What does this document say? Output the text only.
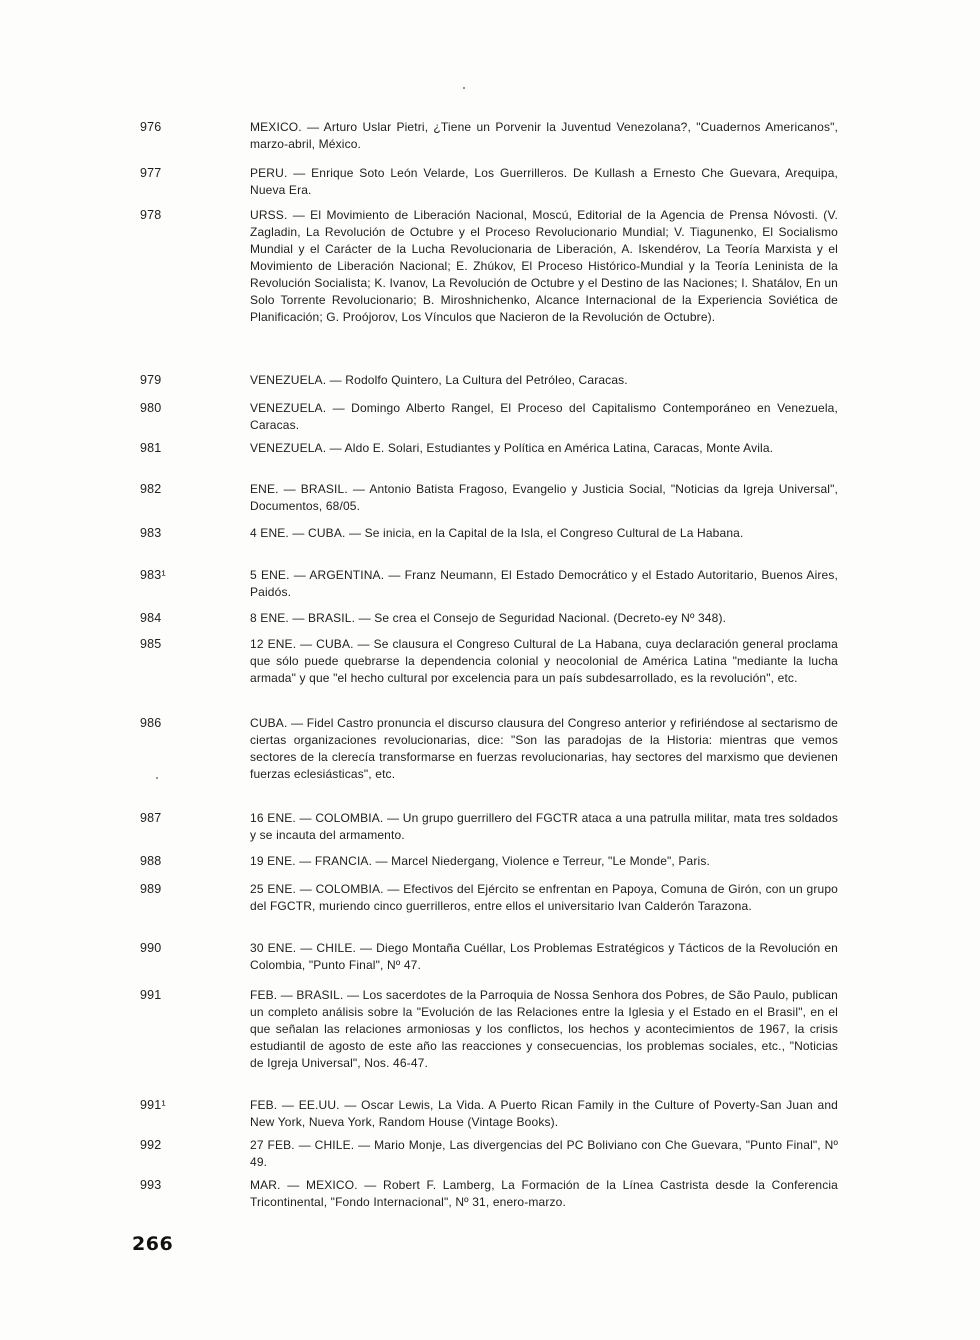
976	MEXICO. — Arturo Uslar Pietri, ¿Tiene un Porvenir la Juventud Venezolana?, "Cuadernos Americanos", marzo-abril, México.
977	PERU. — Enrique Soto León Velarde, Los Guerrilleros. De Kullash a Ernesto Che Guevara, Arequipa, Nueva Era.
978	URSS. — El Movimiento de Liberación Nacional, Moscú, Editorial de la Agencia de Prensa Nóvosti. (V. Zagladin, La Revolución de Octubre y el Proceso Revolucionario Mundial; V. Tiagunenko, El Socialismo Mundial y el Carácter de la Lucha Revolucionaria de Liberación, A. Iskendérov, La Teoría Marxista y el Movimiento de Liberación Nacional; E. Zhúkov, El Proceso Histórico-Mundial y la Teoría Leninista de la Revolución Socialista; K. Ivanov, La Revolución de Octubre y el Destino de las Naciones; I. Shatálov, En un Solo Torrente Revolucionario; B. Miroshnichenko, Alcance Internacional de la Experiencia Soviética de Planificación; G. Proójorov, Los Vínculos que Nacieron de la Revolución de Octubre).
979	VENEZUELA. — Rodolfo Quintero, La Cultura del Petróleo, Caracas.
980	VENEZUELA. — Domingo Alberto Rangel, El Proceso del Capitalismo Contemporáneo en Venezuela, Caracas.
981	VENEZUELA. — Aldo E. Solari, Estudiantes y Política en América Latina, Caracas, Monte Avila.
982	ENE. — BRASIL. — Antonio Batista Fragoso, Evangelio y Justicia Social, "Noticias da Igreja Universal", Documentos, 68/05.
983	4 ENE. — CUBA. — Se inicia, en la Capital de la Isla, el Congreso Cultural de La Habana.
983¹	5 ENE. — ARGENTINA. — Franz Neumann, El Estado Democrático y el Estado Autoritario, Buenos Aires, Paidós.
984	8 ENE. — BRASIL. — Se crea el Consejo de Seguridad Nacional. (Decreto-ey Nº 348).
985	12 ENE. — CUBA. — Se clausura el Congreso Cultural de La Habana, cuya declaración general proclama que sólo puede quebrarse la dependencia colonial y neocolonial de América Latina "mediante la lucha armada" y que "el hecho cultural por excelencia para un país subdesarrollado, es la revolución", etc.
986	CUBA. — Fidel Castro pronuncia el discurso clausura del Congreso anterior y refiriéndose al sectarismo de ciertas organizaciones revolucionarias, dice: "Son las paradojas de la Historia: mientras que vemos sectores de la clerecía transformarse en fuerzas revolucionarias, hay sectores del marxismo que devienen fuerzas eclesiásticas", etc.
987	16 ENE. — COLOMBIA. — Un grupo guerrillero del FGCTR ataca a una patrulla militar, mata tres soldados y se incauta del armamento.
988	19 ENE. — FRANCIA. — Marcel Niedergang, Violence e Terreur, "Le Monde", Paris.
989	25 ENE. — COLOMBIA. — Efectivos del Ejército se enfrentan en Papoya, Comuna de Girón, con un grupo del FGCTR, muriendo cinco guerrilleros, entre ellos el universitario Ivan Calderón Tarazona.
990	30 ENE. — CHILE. — Diego Montaña Cuéllar, Los Problemas Estratégicos y Tácticos de la Revolución en Colombia, "Punto Final", Nº 47.
991	FEB. — BRASIL. — Los sacerdotes de la Parroquia de Nossa Senhora dos Pobres, de São Paulo, publican un completo análisis sobre la "Evolución de las Relaciones entre la Iglesia y el Estado en el Brasil", en el que señalan las relaciones armoniosas y los conflictos, los hechos y acontecimientos de 1967, la crisis estudiantil de agosto de este año las reacciones y consecuencias, los problemas sociales, etc., "Noticias de Igreja Universal", Nos. 46-47.
991¹	FEB. — EE.UU. — Oscar Lewis, La Vida. A Puerto Rican Family in the Culture of Poverty-San Juan and New York, Nueva York, Random House (Vintage Books).
992	27 FEB. — CHILE. — Mario Monje, Las divergencias del PC Boliviano con Che Guevara, "Punto Final", Nº 49.
993	MAR. — MEXICO. — Robert F. Lamberg, La Formación de la Línea Castrista desde la Conferencia Tricontinental, "Fondo Internacional", Nº 31, enero-marzo.
266
